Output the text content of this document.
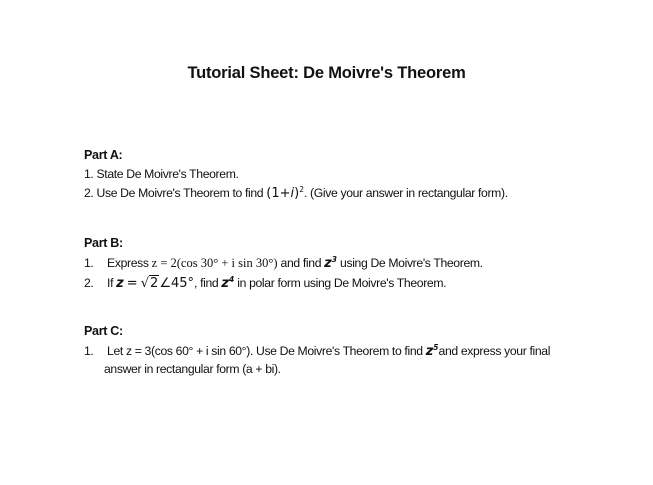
Tutorial Sheet: De Moivre's Theorem
Part A:
1. State De Moivre's Theorem.
2. Use De Moivre's Theorem to find $(1+i)^2$. (Give your answer in rectangular form).
Part B:
1. Express z = 2(cos 30° + i sin 30°) and find $z^3$ using De Moivre's Theorem.
2. If z = √2∠45°, find $z^4$ in polar form using De Moivre's Theorem.
Part C:
1. Let z = 3(cos 60° + i sin 60°). Use De Moivre's Theorem to find $z^5and$ express your final
answer in rectangular form (a + bi).
